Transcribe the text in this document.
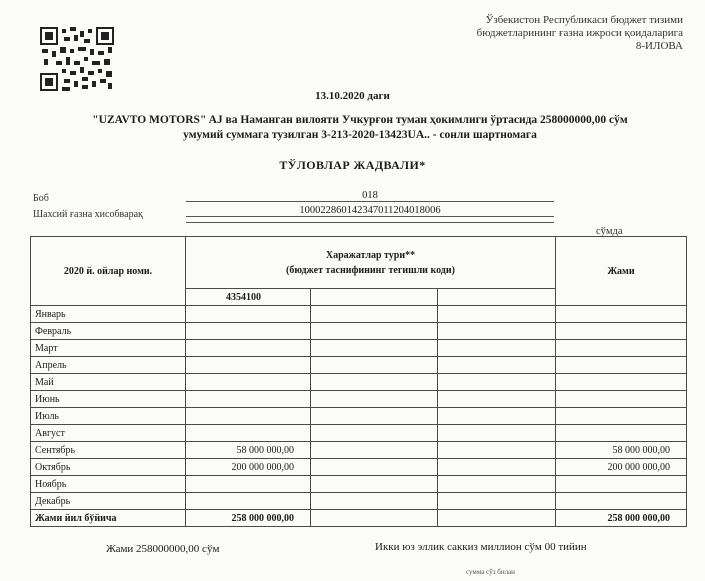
Ўзбекистон Республикаси бюджет тизими
бюджетларининг ғазна ижроси қоидаларига
8-ИЛОВА
13.10.2020 даги
"UZAVTO MOTORS" AJ ва Наманган вилояти Учкурғон туман ҳокимлиги ўртасида 258000000,00 сўм
умумий суммага тузилган 3-213-2020-13423UA.. - сонли шартномага
ТЎЛОВЛАР ЖАДВАЛИ*
Боб	018
Шахсий ғазна хисобварақ	100022860142347011204018006
сўмда
2020 й. ойлар номи.	Харажатлар тури**
(бюджет таснифининг тегишли коди)			Жами
	4354100			
Январь				
Февраль				
Март				
Апрель				
Май				
Июнь				
Июль				
Август				
Сентябрь	58 000 000,00			58 000 000,00
Октябрь	200 000 000,00			200 000 000,00
Ноябрь				
Декабрь				
Жами йил бўйича	258 000 000,00			258 000 000,00
Жами 258000000,00 сўм	Икки юз эллик саккиз миллион сўм 00 тийин
суммa сўз билан
